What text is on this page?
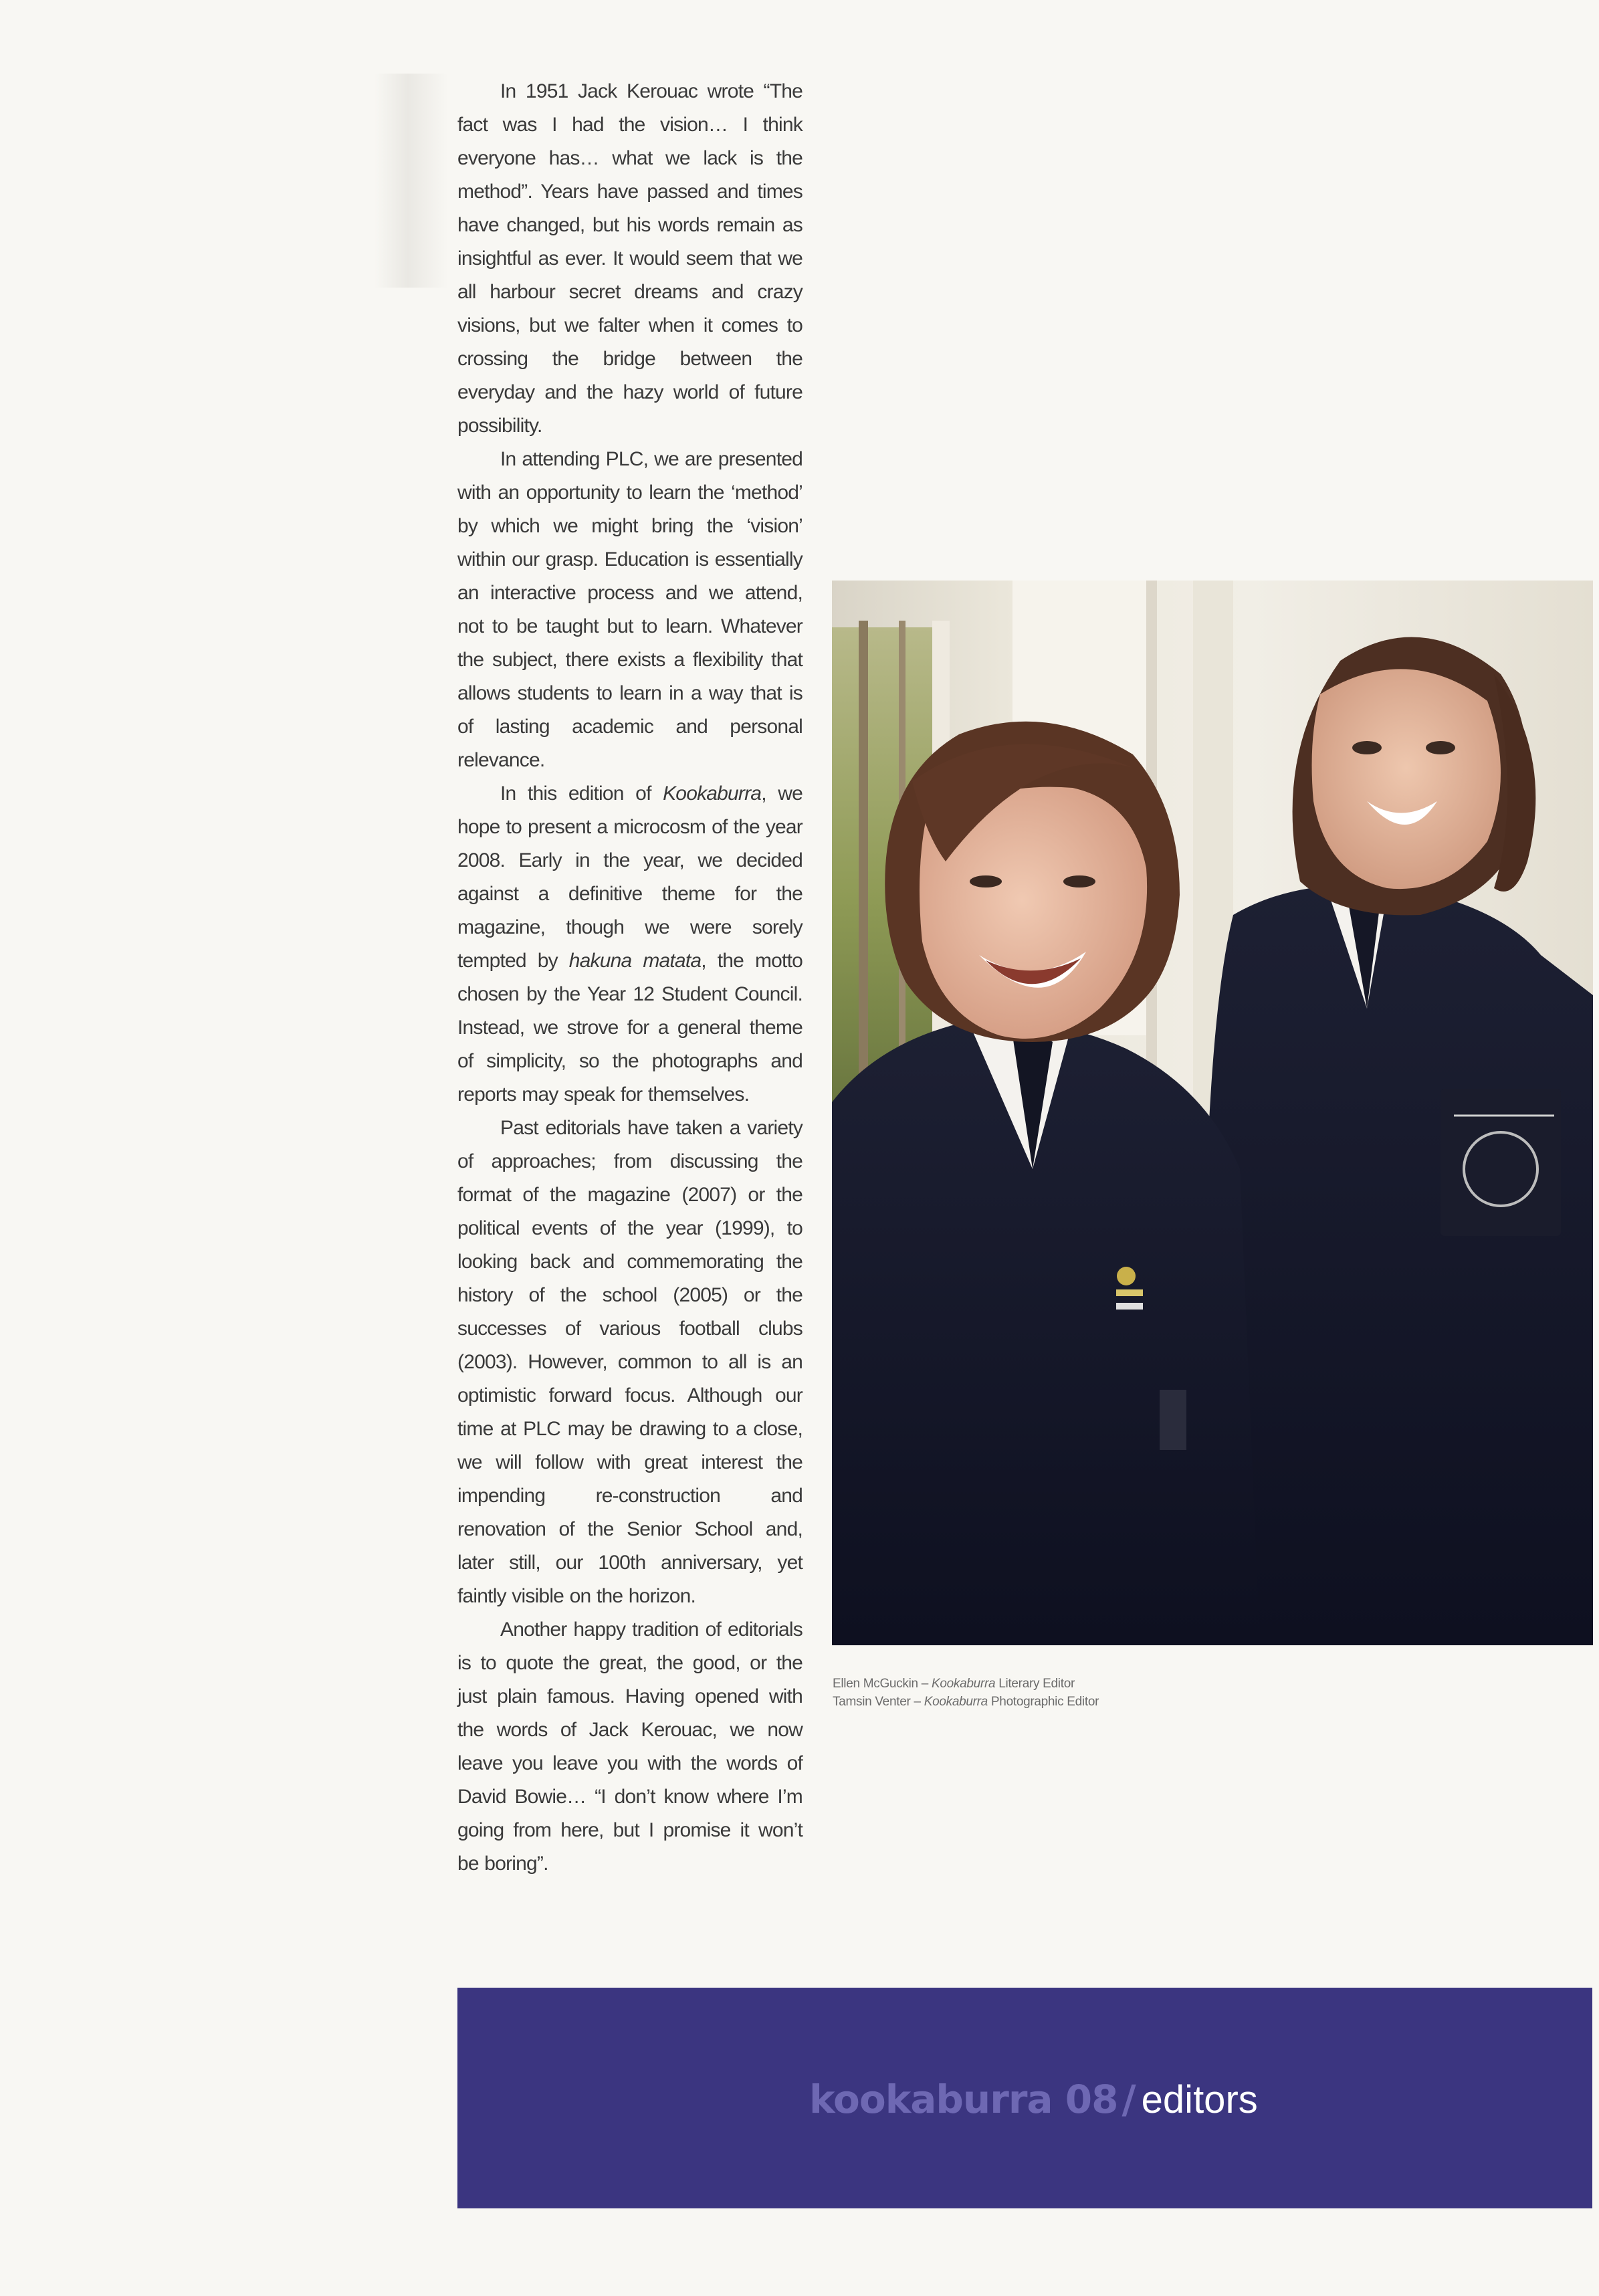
In 1951 Jack Kerouac wrote “The fact was I had the vision… I think everyone has… what we lack is the method”. Years have passed and times have changed, but his words remain as insightful as ever. It would seem that we all harbour secret dreams and crazy visions, but we falter when it comes to crossing the bridge between the everyday and the hazy world of future possibility.

In attending PLC, we are presented with an opportunity to learn the ‘method’ by which we might bring the ‘vision’ within our grasp. Education is essentially an interactive process and we attend, not to be taught but to learn. Whatever the subject, there exists a flexibility that allows students to learn in a way that is of lasting academic and personal relevance.

In this edition of Kookaburra, we hope to present a microcosm of the year 2008. Early in the year, we decided against a definitive theme for the magazine, though we were sorely tempted by hakuna matata, the motto chosen by the Year 12 Student Council. Instead, we strove for a general theme of simplicity, so the photographs and reports may speak for themselves.

Past editorials have taken a variety of approaches; from discussing the format of the magazine (2007) or the political events of the year (1999), to looking back and commemorating the history of the school (2005) or the successes of various football clubs (2003). However, common to all is an optimistic forward focus. Although our time at PLC may be drawing to a close, we will follow with great interest the impending re-construction and renovation of the Senior School and, later still, our 100th anniversary, yet faintly visible on the horizon.

Another happy tradition of editorials is to quote the great, the good, or the just plain famous. Having opened with the words of Jack Kerouac, we now leave you leave you with the words of David Bowie… “I don’t know where I’m going from here, but I promise it won’t be boring”.

Ellen McGuckin – Kookaburra Literary Editor
Tamsin Venter – Kookaburra Photographic Editor
kookaburra 08 / editors
